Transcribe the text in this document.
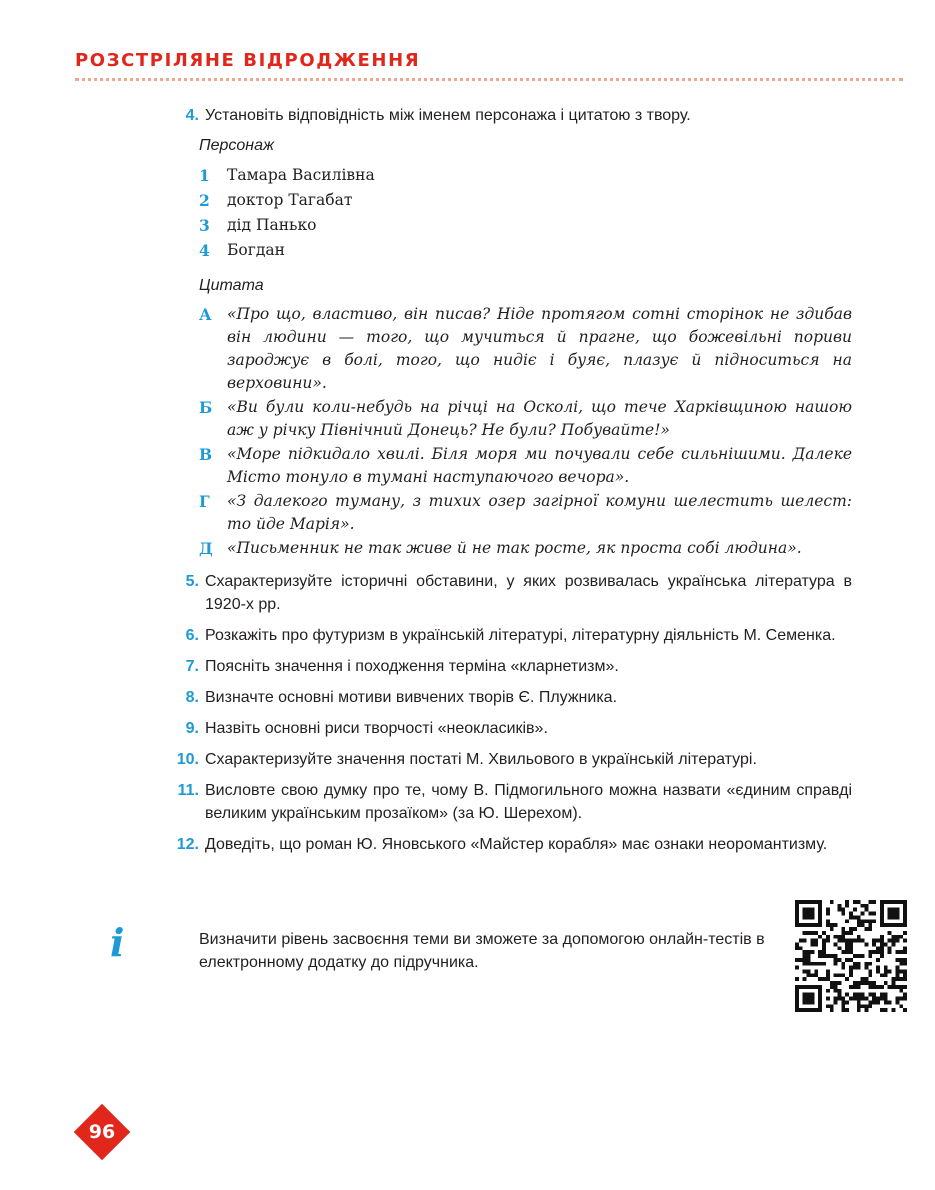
РОЗСТРІЛЯНЕ ВІДРОДЖЕННЯ
4. Установіть відповідність між іменем персонажа і цитатою з твору.
Персонаж
1	Тамара Василівна
2	доктор Тагабат
3	дід Панько
4	Богдан
Цитата
А «Про що, властиво, він писав? Ніде протягом сотні сторінок не здибав він людини — того, що мучиться й прагне, що божевільні пориви зароджує в болі, того, що нидіє і буяє, плазує й підноситься на верховини».
Б «Ви були коли-небудь на річці на Осколі, що тече Харківщиною нашою аж у річку Північний Донець? Не були? Побувайте!»
В «Море підкидало хвилі. Біля моря ми почували себе сильнішими. Далеке Місто тонуло в тумані наступаючого вечора».
Г	«З далекого туману, з тихих озер загірної комуни шелестить шелест: то йде Марія».
Д «Письменник не так живе й не так росте, як проста собі людина».
5. Схарактеризуйте історичні обставини, у яких розвивалась українська література в 1920-х рр.
6. Розкажіть про футуризм в українській літературі, літературну діяльність М. Семенка.
7. Поясніть значення і походження терміна «кларнетизм».
8. Визначте основні мотиви вивчених творів Є. Плужника.
9. Назвіть основні риси творчості «неокласиків».
10. Схарактеризуйте значення постаті М. Хвильового в українській літературі.
11. Висловте свою думку про те, чому В. Підмогильного можна назвати «єдиним справді великим українським прозаїком» (за Ю. Шерехом).
12. Доведіть, що роман Ю. Яновського «Майстер корабля» має ознаки неоромантизму.
i	Визначити рівень засвоєння теми ви зможете за допомогою онлайн-тестів в електронному додатку до підручника.
96
